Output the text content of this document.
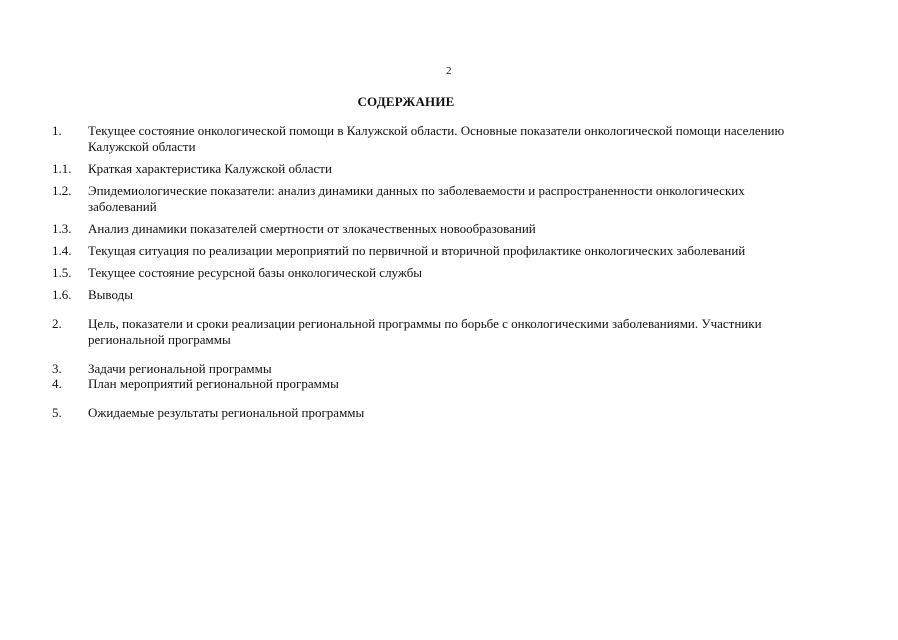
2
СОДЕРЖАНИЕ
1.	Текущее состояние онкологической помощи в Калужской области. Основные показатели онкологической помощи населению Калужской области
1.1.	Краткая характеристика Калужской области
1.2.	Эпидемиологические показатели: анализ динамики данных по заболеваемости и распространенности онкологических заболеваний
1.3.	Анализ динамики показателей смертности от злокачественных новообразований
1.4.	Текущая ситуация по реализации мероприятий по первичной и вторичной профилактике онкологических заболеваний
1.5.	Текущее состояние ресурсной базы онкологической службы
1.6.	Выводы
2.	Цель, показатели и сроки реализации региональной программы по борьбе с онкологическими заболеваниями. Участники региональной программы
3.	Задачи региональной программы
4.	План мероприятий региональной программы
5.	Ожидаемые результаты региональной программы
